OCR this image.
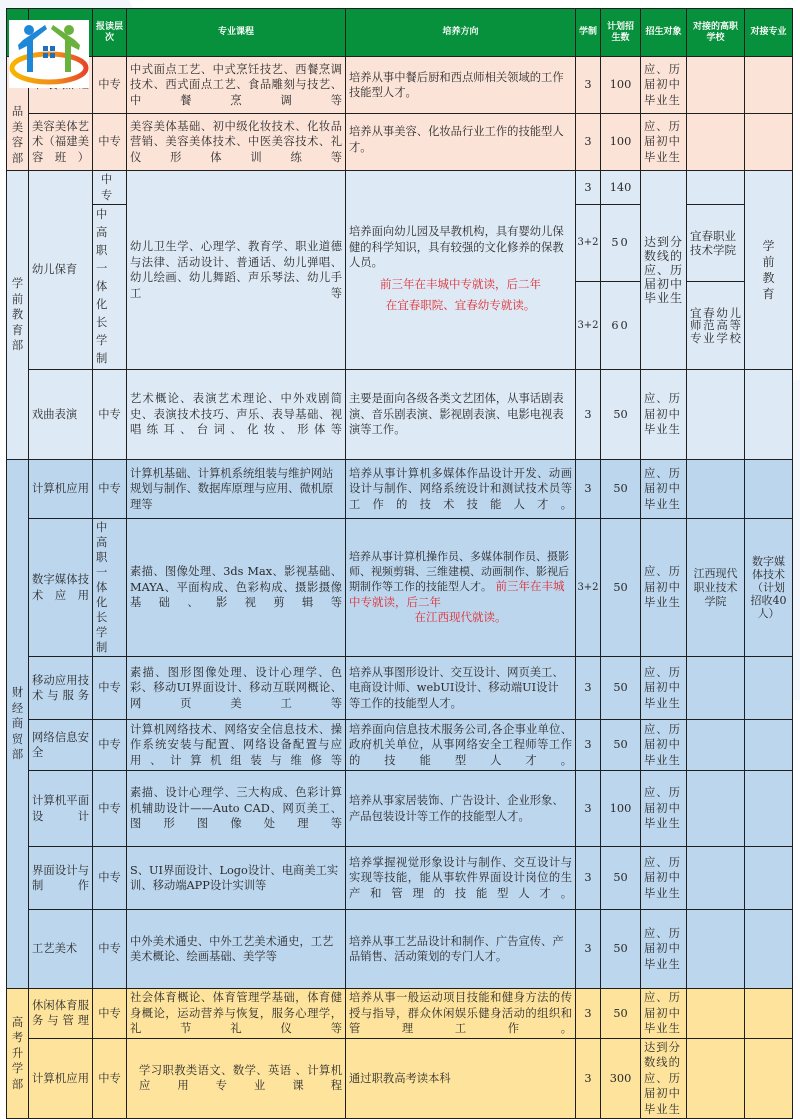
		报读层次	专业课程	培养方向	学制	计划招生数	招生对象	对接的高职学校	对接专业

品美容部		中专	中式面点工艺、中式烹饪技艺、西餐烹调技术、西式面点工艺、食品雕刻与技艺、中餐烹调等	培养从事中餐后厨和西点师相关领域的工作技能型人才。	3	100	应、历届初中毕业生		
	美容美体艺术（福建美容班）	中专	美容美体基础、初中级化妆技术、化妆品营销、美容美体技术、中医美容技术、礼仪形体训练等	培养从事美容、化妆品行业工作的技能型人才。	3	100	应、历届初中毕业生		

学前教育部	幼儿保育	中专	幼儿卫生学、心理学、教育学、职业道德与法律、活动设计、普通话、幼儿弹唱、幼儿绘画、幼儿舞蹈、声乐琴法、幼儿手工等	培养面向幼儿园及早教机构，具有婴幼儿保健的科学知识，具有较强的文化修养的保教人员。
前三年在丰城中专就读，后二年
在宜春职院、宜春幼专就读。	3	140	达到分数线的应、历届初中毕业生		学前教育

		中高职一体化长学制			3+2	50		宜春职业技术学院	
					3+2	60		宜春幼儿师范高等专业学校	
	戏曲表演	中专	艺术概论、表演艺术理论、中外戏剧简史、表演技术技巧、声乐、表导基础、视唱练耳、台词、化妆、形体等	主要是面向各级各类文艺团体，从事话剧表演、音乐剧表演、影视剧表演、电影电视表演等工作。	3	50	应、历届初中毕业生		

财经商贸部	计算机应用	中专	计算机基础、计算机系统组装与维护网站规划与制作、数据库原理与应用、微机原理等	培养从事计算机多媒体作品设计开发、动画设计与制作、网络系统设计和测试技术员等工作的技术技能人才。	3	50	应、历届初中毕业生		
	数字媒体技术应用	中高职一体化长学制	素描、图像处理、3ds Max、影视基础、MAYA、平面构成、色彩构成、摄影摄像基础、影视剪辑等	培养从事计算机操作员、多媒体制作员、摄影师、视频剪辑、三维建模、动画制作、影视后期制作等工作的技能型人才。 前三年在丰城中专就读，后二年
在江西现代就读。	3+2	50	应、历届初中毕业生	江西现代职业技术学院	数字媒体技术（计划招收40人）
	移动应用技术与服务	中专	素描、图形图像处理、设计心理学、色彩、移动UI界面设计、移动互联网概论、网页美工等	培养从事图形设计、交互设计、网页美工、电商设计师、webUI设计、移动端UI设计 等工作的技能型人才。	3	50	应、历届初中毕业生		
	网络信息安全	中专	计算机网络技术、网络安全信息技术、操作系统安装与配置、网络设备配置与应用、计算机组装与维修等	培养面向信息技术服务公司,各企事业单位、政府机关单位，从事网络安全工程师等工作的技能型人才。	3	50	应、历届初中毕业生		
	计算机平面设计	中专	素描、设计心理学、三大构成、色彩计算机辅助设计——Auto CAD、网页美工、图形图像处理等	培养从事家居装饰、广告设计、企业形象、产品包装设计等工作的技能型人才。	3	100	应、历届初中毕业生		
	界面设计与制作	中专	S、UI界面设计、Logo设计、电商美工实训、移动端APP设计实训等	培养掌握视觉形象设计与制作、交互设计与实现等技能，能从事软件界面设计岗位的生产和管理的技能型人才。	3	50	应、历届初中毕业生		
	工艺美术	中专	中外美术通史、中外工艺美术通史，工艺美术概论、绘画基础、美学等	培养从事工艺品设计和制作、广告宣传、产品销售、活动策划的专门人才。	3	50	应、历届初中毕业生		

高考升学部	休闲体育服务与管理	中专	社会体育概论、体育管理学基础，体育健身概论，运动营养与恢复，服务心理学，礼节礼仪等	培养从事一般运动项目技能和健身方法的传授与指导，群众休闲娱乐健身活动的组织和管理工作。	3	50	应、历届初中毕业生		
	计算机应用	中专	学习职教类语文、数学、英语 、计算机应用专业课程	通过职教高考读本科	3	300	达到分数线的应、历届初中毕业生		
